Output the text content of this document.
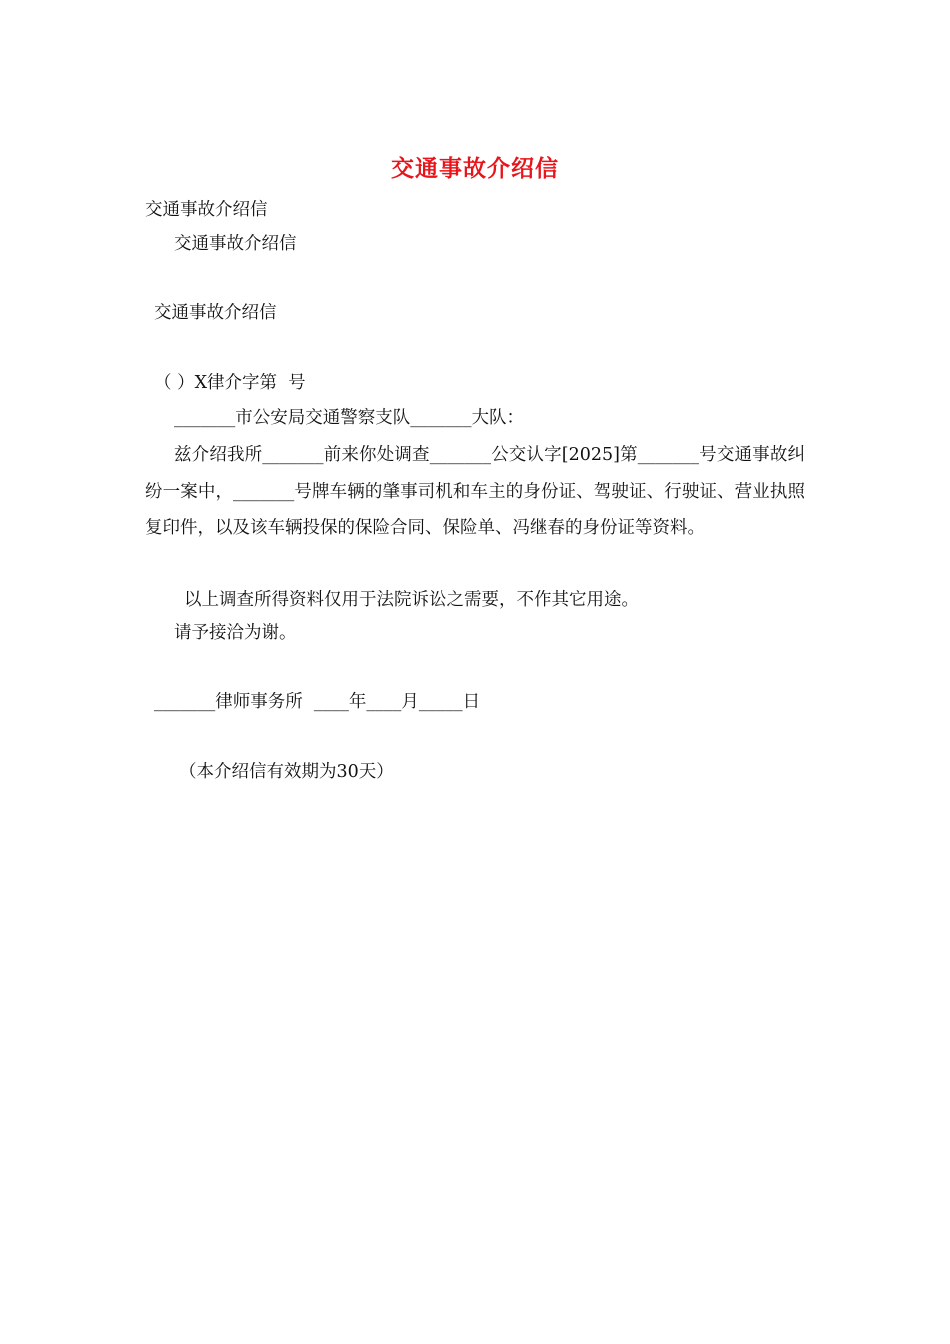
交通事故介绍信
交通事故介绍信
交通事故介绍信
交通事故介绍信
（ ）X律介字第  号
_______市公安局交通警察支队_______大队：
兹介绍我所_______前来你处调查_______公交认字[2025]第_______号交通事故纠纷一案中，_______号牌车辆的肇事司机和车主的身份证、驾驶证、行驶证、营业执照复印件，以及该车辆投保的保险合同、保险单、冯继春的身份证等资料。
以上调查所得资料仅用于法院诉讼之需要，不作其它用途。
请予接洽为谢。
_______律师事务所  ____年____月_____日
（本介绍信有效期为30天）
